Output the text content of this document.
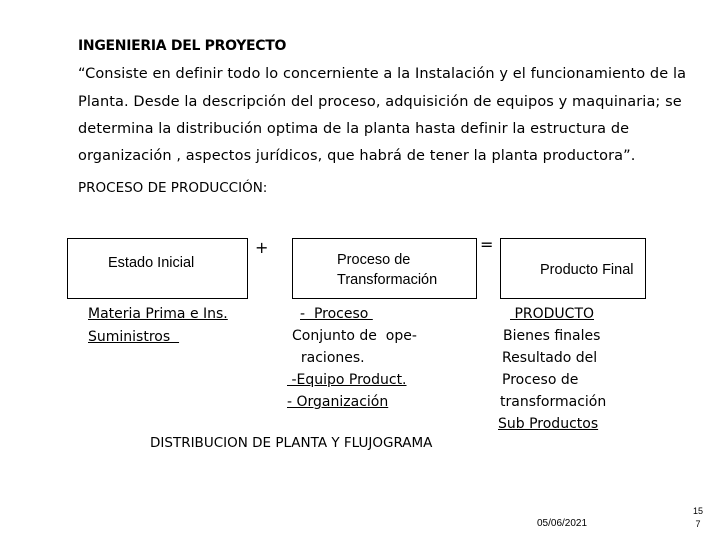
INGENIERIA DEL PROYECTO
“Consiste en definir todo lo concerniente a la Instalación y el funcionamiento de la
Planta. Desde la descripción del proceso, adquisición de equipos y maquinaria; se
determina la distribución optima de la planta hasta definir la estructura de
organización , aspectos jurídicos, que habrá de tener la planta productora”.
PROCESO DE PRODUCCIÓN:
Estado Inicial	Proceso de
Transformación
Producto Final
+	=
Materia Prima e Ins.
Suministros
-  Proceso
Conjunto de  ope-
raciones.
-Equipo Product.
- Organización
PRODUCTO
Bienes finales
Resultado del
Proceso de
transformación
Sub Productos
DISTRIBUCION DE PLANTA Y FLUJOGRAMA
05/06/2021
15
7
